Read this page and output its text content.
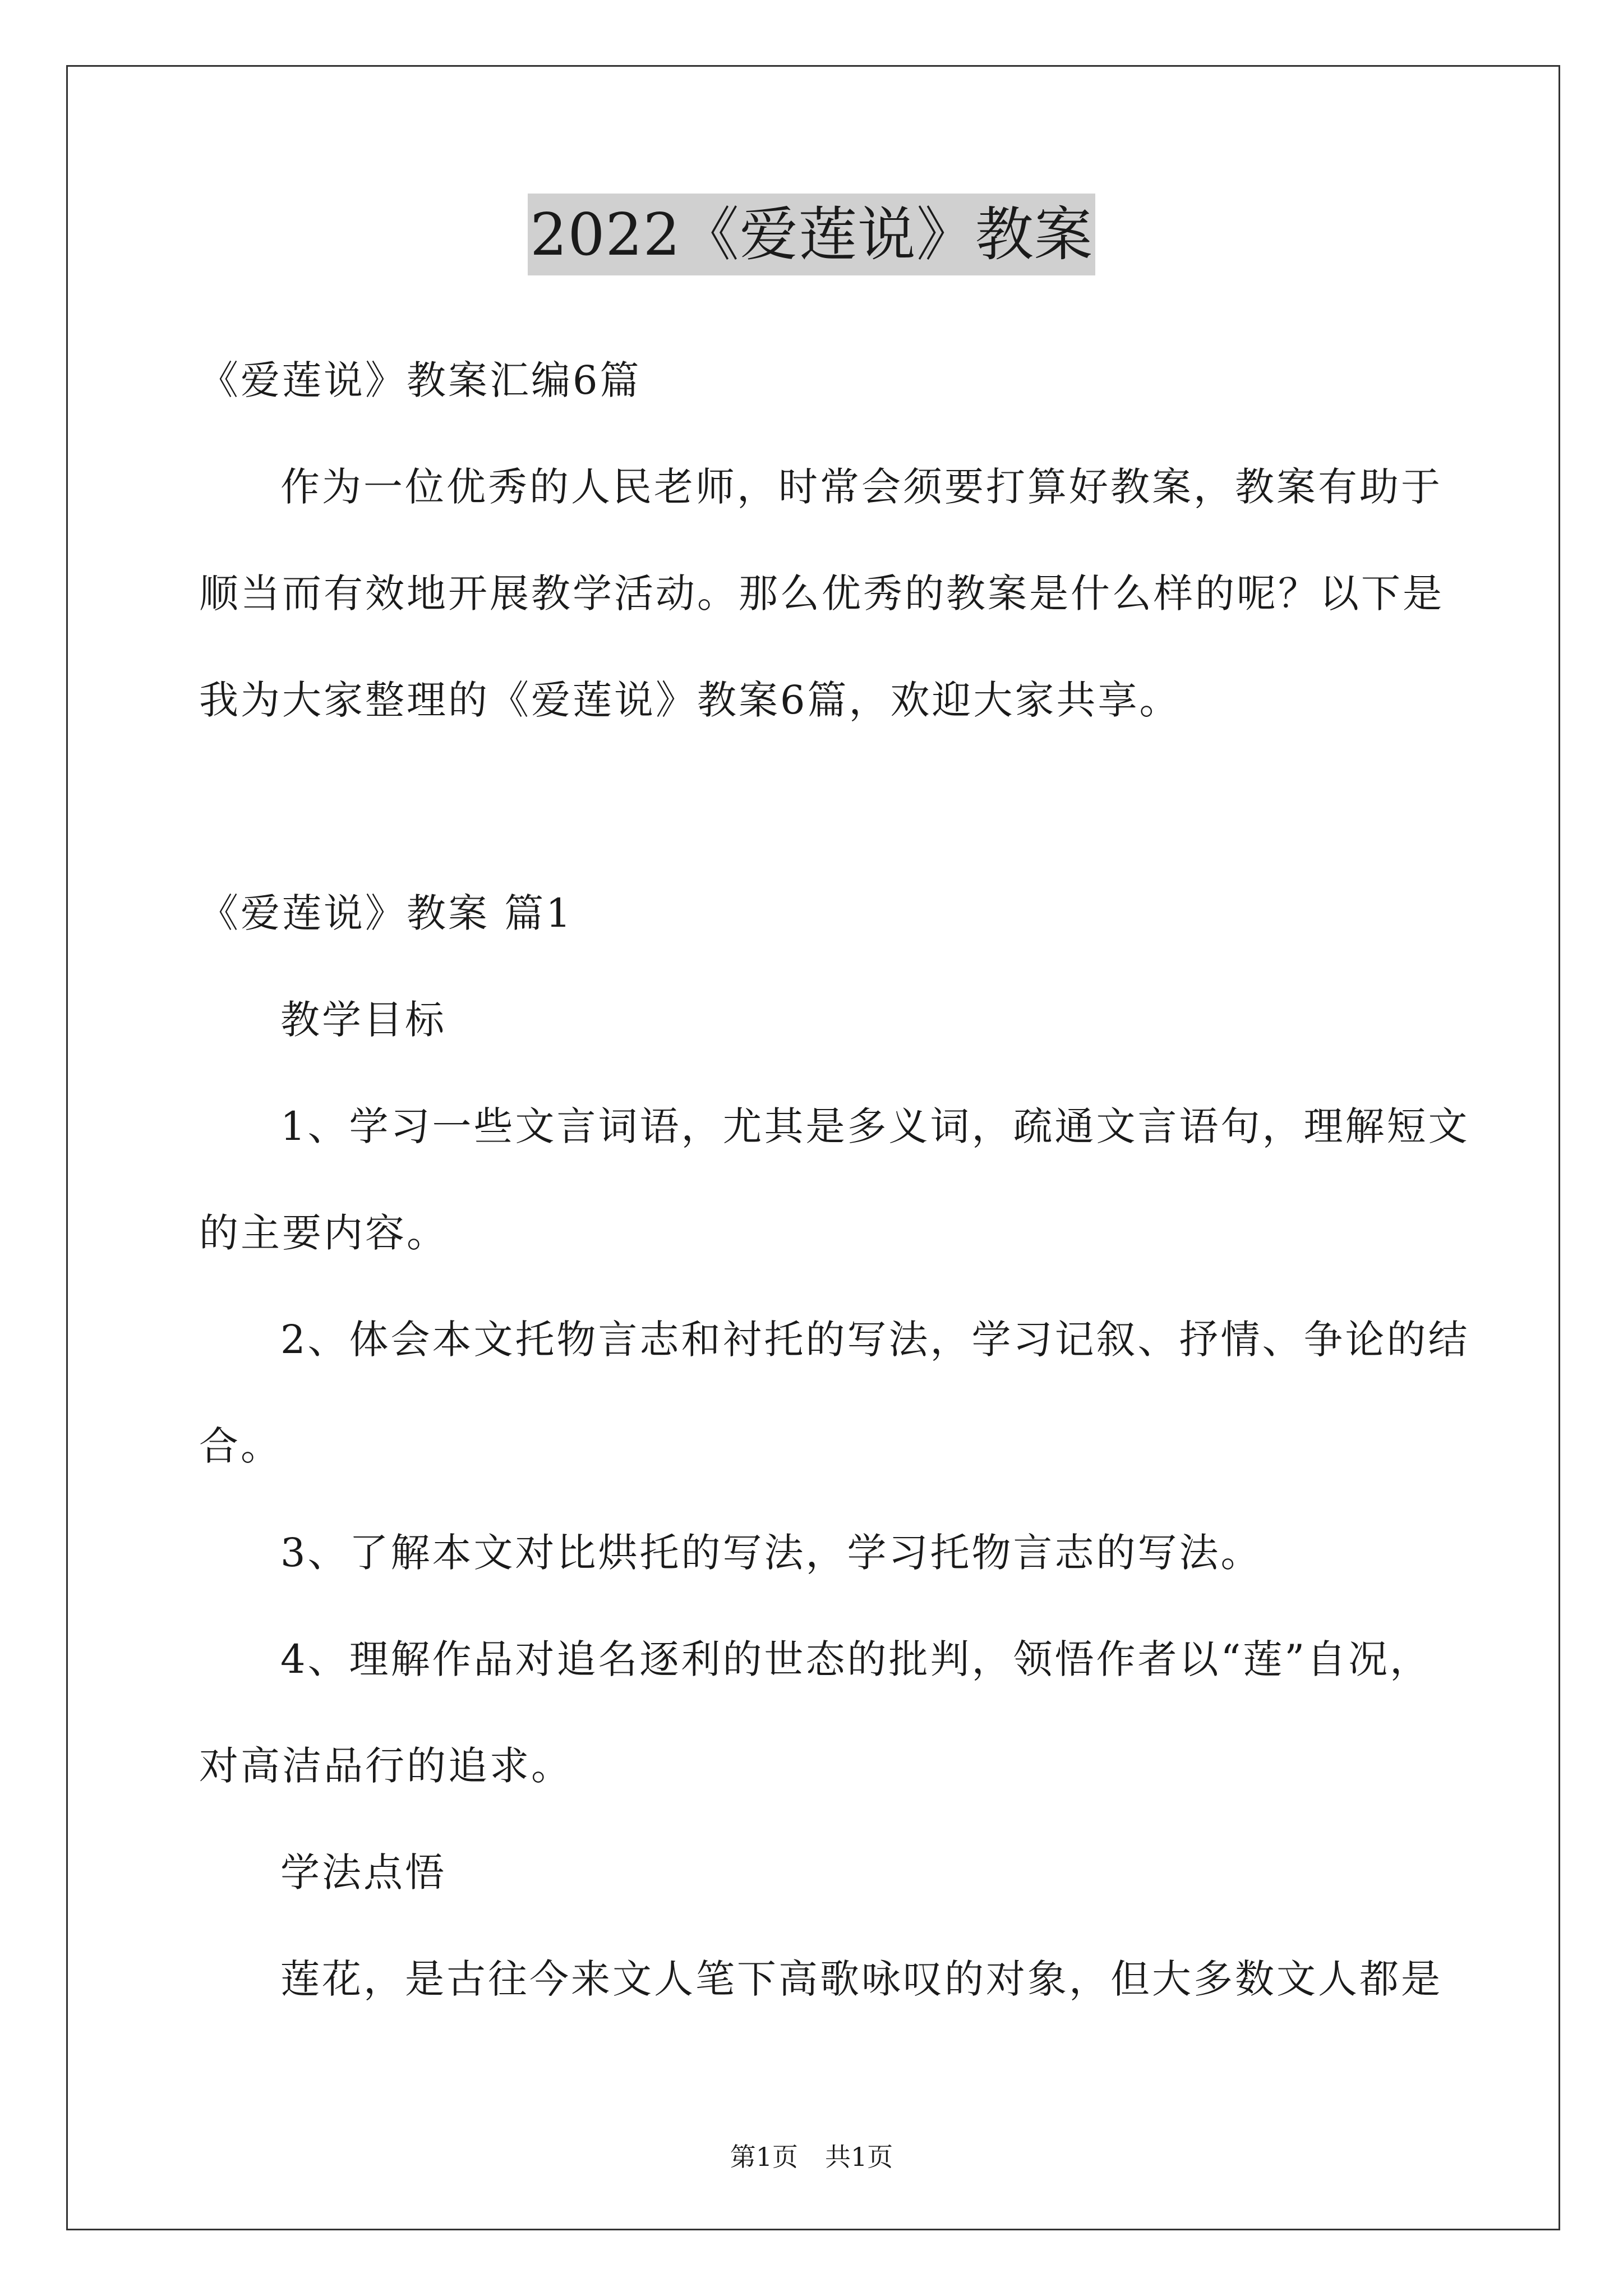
2022《爱莲说》教案
《爱莲说》教案汇编6篇
作为一位优秀的人民老师，时常会须要打算好教案，教案有助于
顺当而有效地开展教学活动。那么优秀的教案是什么样的呢？以下是
我为大家整理的《爱莲说》教案6篇，欢迎大家共享。
《爱莲说》教案 篇1
教学目标
1、学习一些文言词语，尤其是多义词，疏通文言语句，理解短文
的主要内容。
2、体会本文托物言志和衬托的写法，学习记叙、抒情、争论的结
合。
3、了解本文对比烘托的写法，学习托物言志的写法。
4、理解作品对追名逐利的世态的批判，领悟作者以“莲”自况，
对高洁品行的追求。
学法点悟
莲花，是古往今来文人笔下高歌咏叹的对象，但大多数文人都是
第1页 共1页
